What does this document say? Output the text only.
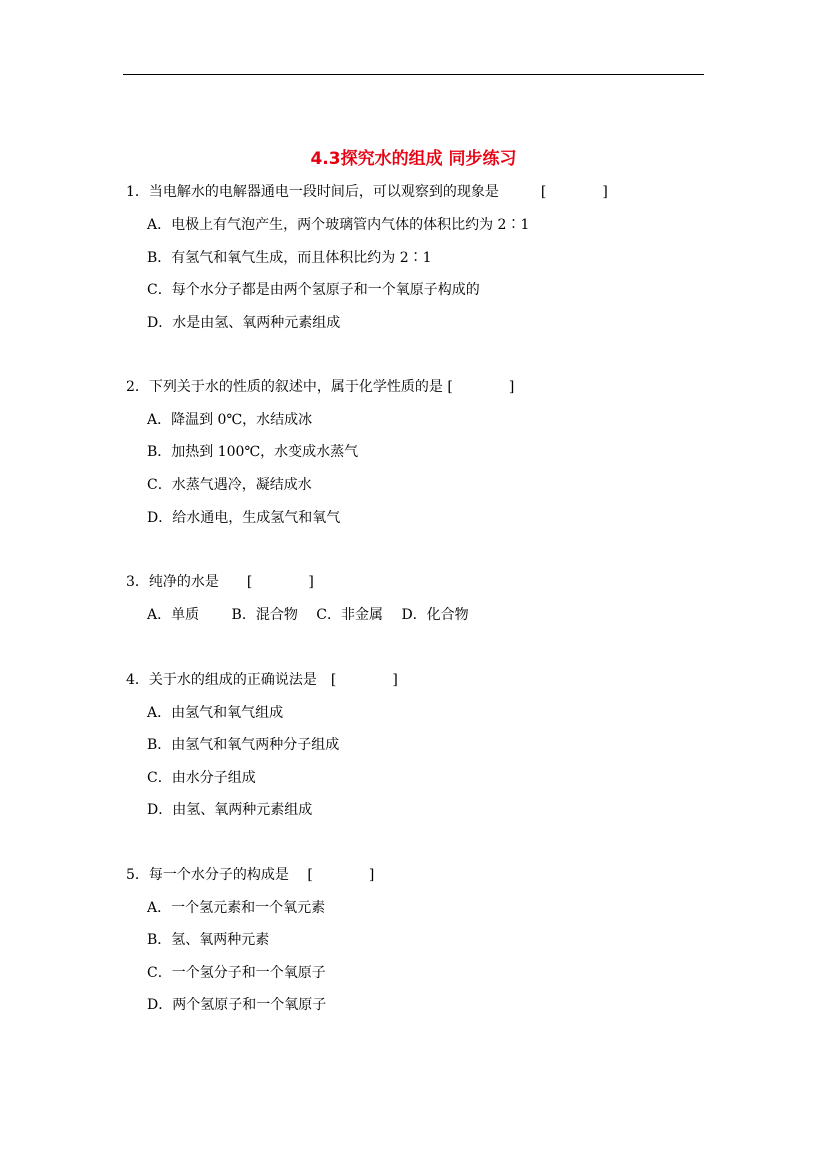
4.3探究水的组成 同步练习
1．当电解水的电解器通电一段时间后，可以观察到的现象是　　　[　　　　]
A．电极上有气泡产生，两个玻璃管内气体的体积比约为 2∶1
B．有氢气和氧气生成，而且体积比约为 2∶1
C．每个水分子都是由两个氢原子和一个氧原子构成的
D．水是由氢、氧两种元素组成
2．下列关于水的性质的叙述中，属于化学性质的是 [　　　　]
A．降温到 0℃，水结成冰
B．加热到 100℃，水变成水蒸气
C．水蒸气遇冷，凝结成水
D．给水通电，生成氢气和氧气
3．纯净的水是　　[　　　　]
A．单质　　 B．混合物　 C．非金属　 D．化合物
4．关于水的组成的正确说法是　[　　　　]
A．由氢气和氧气组成
B．由氢气和氧气两种分子组成
C．由水分子组成
D．由氢、氧两种元素组成
5．每一个水分子的构成是　 [　　　　]
A．一个氢元素和一个氧元素
B．氢、氧两种元素
C．一个氢分子和一个氧原子
D．两个氢原子和一个氧原子
